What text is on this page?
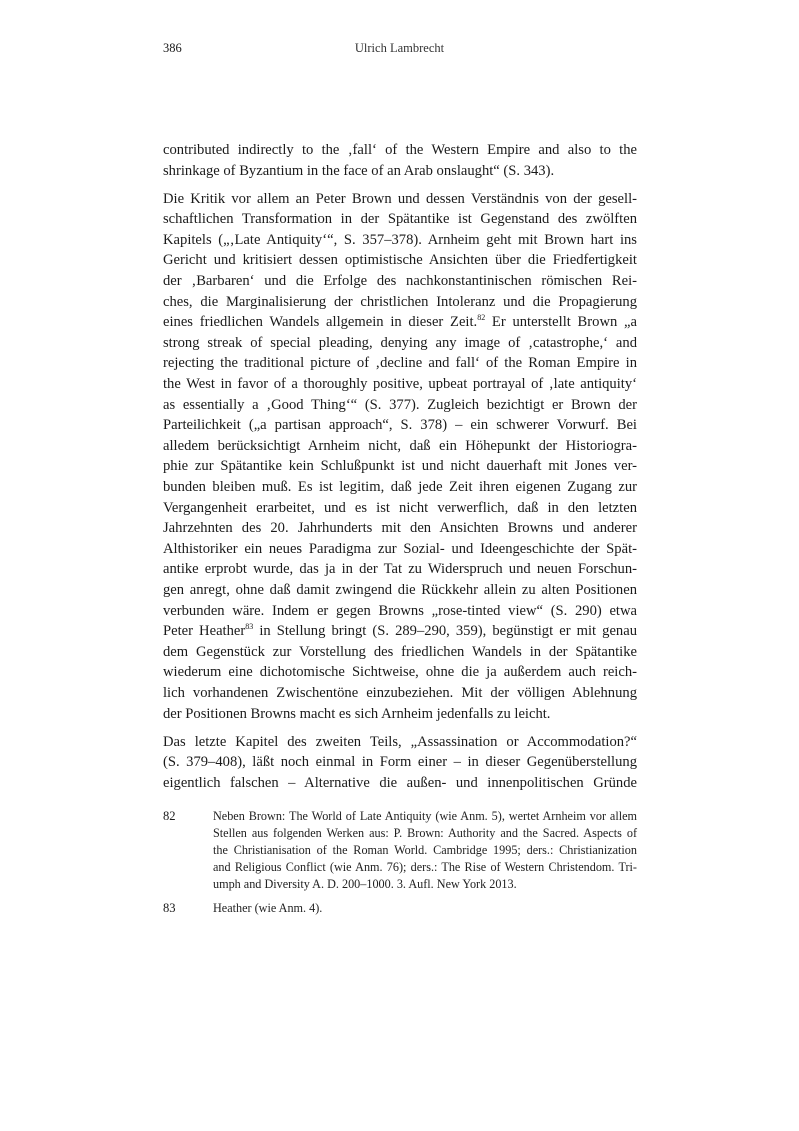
386	Ulrich Lambrecht
contributed indirectly to the ‚fall‘ of the Western Empire and also to the
shrinkage of Byzantium in the face of an Arab onslaught“ (S. 343).
Die Kritik vor allem an Peter Brown und dessen Verständnis von der gesell-
schaftlichen Transformation in der Spätantike ist Gegenstand des zwölften
Kapitels („‚Late Antiquity‘“, S. 357–378). Arnheim geht mit Brown hart ins
Gericht und kritisiert dessen optimistische Ansichten über die Friedfertigkeit
der ‚Barbaren‘ und die Erfolge des nachkonstantinischen römischen Rei-
ches, die Marginalisierung der christlichen Intoleranz und die Propagierung
eines friedlichen Wandels allgemein in dieser Zeit.$^{82}$ Er unterstellt Brown „a
strong streak of special pleading, denying any image of ‚catastrophe,‘ and
rejecting the traditional picture of ‚decline and fall‘ of the Roman Empire in
the West in favor of a thoroughly positive, upbeat portrayal of ‚late antiquity‘
as essentially a ‚Good Thing‘“ (S. 377). Zugleich bezichtigt er Brown der
Parteilichkeit („a partisan approach“, S. 378) – ein schwerer Vorwurf. Bei
alledem berücksichtigt Arnheim nicht, daß ein Höhepunkt der Historiogra-
phie zur Spätantike kein Schlußpunkt ist und nicht dauerhaft mit Jones ver-
bunden bleiben muß. Es ist legitim, daß jede Zeit ihren eigenen Zugang zur
Vergangenheit erarbeitet, und es ist nicht verwerflich, daß in den letzten
Jahrzehnten des 20. Jahrhunderts mit den Ansichten Browns und anderer
Althistoriker ein neues Paradigma zur Sozial- und Ideengeschichte der Spät-
antike erprobt wurde, das ja in der Tat zu Widerspruch und neuen Forschun-
gen anregt, ohne daß damit zwingend die Rückkehr allein zu alten Positionen
verbunden wäre. Indem er gegen Browns „rose-tinted view“ (S. 290) etwa
Peter Heather$^{83}$ in Stellung bringt (S. 289–290, 359), begünstigt er mit genau
dem Gegenstück zur Vorstellung des friedlichen Wandels in der Spätantike
wiederum eine dichotomische Sichtweise, ohne die ja außerdem auch reich-
lich vorhandenen Zwischentöne einzubeziehen. Mit der völligen Ablehnung
der Positionen Browns macht es sich Arnheim jedenfalls zu leicht.
Das letzte Kapitel des zweiten Teils, „Assassination or Accommodation?“
(S. 379–408), läßt noch einmal in Form einer – in dieser Gegenüberstellung
eigentlich falschen – Alternative die außen- und innenpolitischen Gründe
82	Neben Brown: The World of Late Antiquity (wie Anm. 5), wertet Arnheim vor allem
Stellen aus folgenden Werken aus: P. Brown: Authority and the Sacred. Aspects of
the Christianisation of the Roman World. Cambridge 1995; ders.: Christianization
and Religious Conflict (wie Anm. 76); ders.: The Rise of Western Christendom. Tri-
umph and Diversity A. D. 200–1000. 3. Aufl. New York 2013.
83	Heather (wie Anm. 4).
